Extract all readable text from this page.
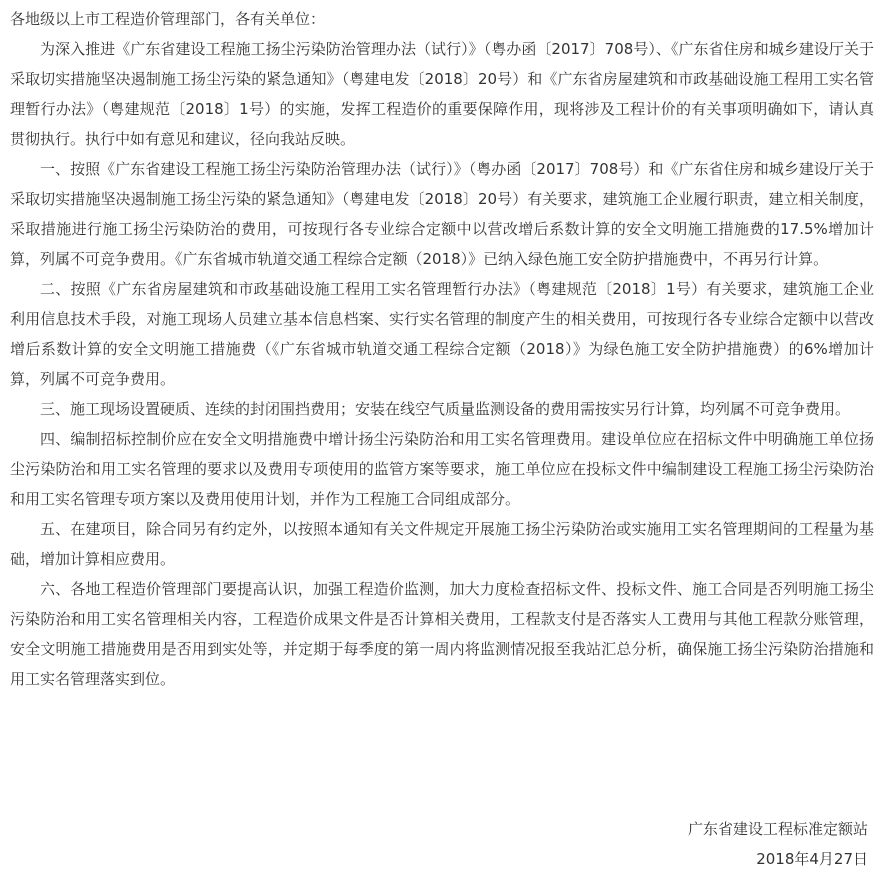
各地级以上市工程造价管理部门，各有关单位：

为深入推进《广东省建设工程施工扬尘污染防治管理办法（试行）》（粤办函〔2017〕708号）、《广东省住房和城乡建设厅关于采取切实措施坚决遏制施工扬尘污染的紧急通知》（粤建电发〔2018〕20号）和《广东省房屋建筑和市政基础设施工程用工实名管理暂行办法》（粤建规范〔2018〕1号）的实施，发挥工程造价的重要保障作用，现将涉及工程计价的有关事项明确如下，请认真贯彻执行。执行中如有意见和建议，径向我站反映。

一、按照《广东省建设工程施工扬尘污染防治管理办法（试行）》（粤办函〔2017〕708号）和《广东省住房和城乡建设厅关于采取切实措施坚决遏制施工扬尘污染的紧急通知》（粤建电发〔2018〕20号）有关要求，建筑施工企业履行职责，建立相关制度，采取措施进行施工扬尘污染防治的费用，可按现行各专业综合定额中以营改增后系数计算的安全文明施工措施费的17.5%增加计算，列属不可竞争费用。《广东省城市轨道交通工程综合定额（2018）》已纳入绿色施工安全防护措施费中，不再另行计算。

二、按照《广东省房屋建筑和市政基础设施工程用工实名管理暂行办法》（粤建规范〔2018〕1号）有关要求，建筑施工企业利用信息技术手段，对施工现场人员建立基本信息档案、实行实名管理的制度产生的相关费用，可按现行各专业综合定额中以营改增后系数计算的安全文明施工措施费（《广东省城市轨道交通工程综合定额（2018）》为绿色施工安全防护措施费）的6%增加计算，列属不可竞争费用。

三、施工现场设置硬质、连续的封闭围挡费用；安装在线空气质量监测设备的费用需按实另行计算，均列属不可竞争费用。

四、编制招标控制价应在安全文明措施费中增计扬尘污染防治和用工实名管理费用。建设单位应在招标文件中明确施工单位扬尘污染防治和用工实名管理的要求以及费用专项使用的监管方案等要求，施工单位应在投标文件中编制建设工程施工扬尘污染防治和用工实名管理专项方案以及费用使用计划，并作为工程施工合同组成部分。

五、在建项目，除合同另有约定外，以按照本通知有关文件规定开展施工扬尘污染防治或实施用工实名管理期间的工程量为基础，增加计算相应费用。

六、各地工程造价管理部门要提高认识，加强工程造价监测，加大力度检查招标文件、投标文件、施工合同是否列明施工扬尘污染防治和用工实名管理相关内容，工程造价成果文件是否计算相关费用，工程款支付是否落实人工费用与其他工程款分账管理，安全文明施工措施费用是否用到实处等，并定期于每季度的第一周内将监测情况报至我站汇总分析，确保施工扬尘污染防治措施和用工实名管理落实到位。

广东省建设工程标准定额站
2018年4月27日
